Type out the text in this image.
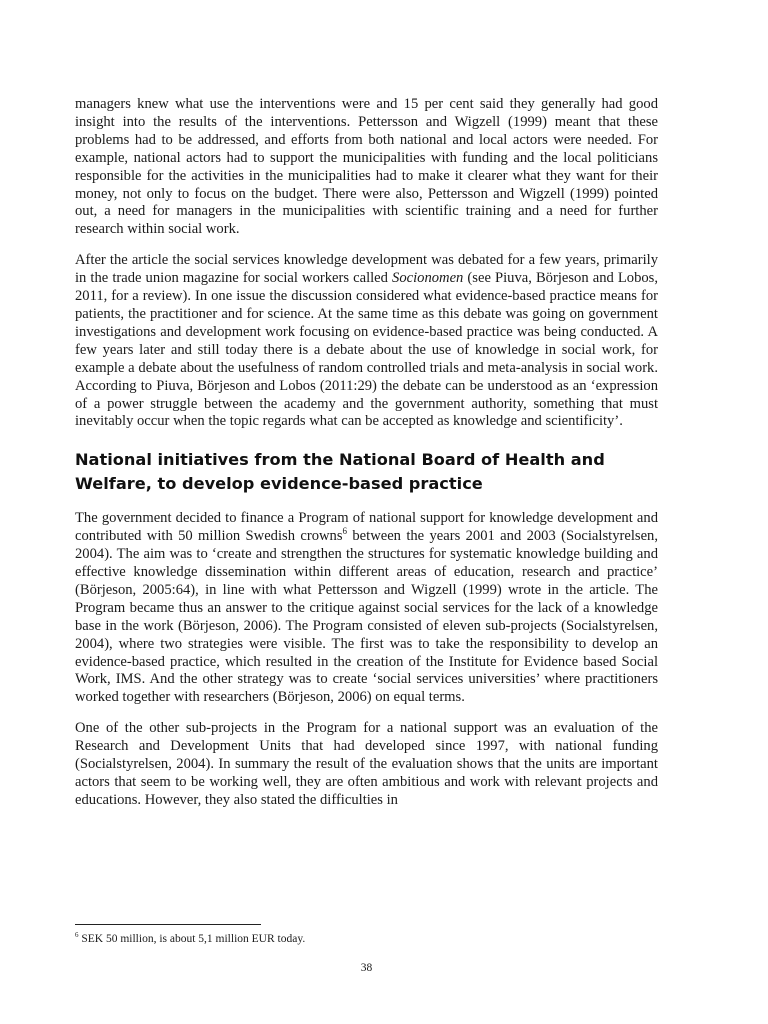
managers knew what use the interventions were and 15 per cent said they generally had good insight into the results of the interventions. Pettersson and Wigzell (1999) meant that these problems had to be addressed, and efforts from both national and local actors were needed. For example, national actors had to support the municipalities with funding and the local politicians responsible for the activities in the municipalities had to make it clearer what they want for their money, not only to focus on the budget. There were also, Pettersson and Wigzell (1999) pointed out, a need for managers in the municipalities with scientific training and a need for further research within social work.

After the article the social services knowledge development was debated for a few years, primarily in the trade union magazine for social workers called Socionomen (see Piuva, Börjeson and Lobos, 2011, for a review). In one issue the discussion considered what evidence-based practice means for patients, the practitioner and for science. At the same time as this debate was going on government investigations and development work focusing on evidence-based practice was being conducted. A few years later and still today there is a debate about the use of knowledge in social work, for example a debate about the usefulness of random controlled trials and meta-analysis in social work. According to Piuva, Börjeson and Lobos (2011:29) the debate can be understood as an ‘expression of a power struggle between the academy and the government authority, something that must inevitably occur when the topic regards what can be accepted as knowledge and scientificity’.

National initiatives from the National Board of Health and Welfare, to develop evidence-based practice

The government decided to finance a Program of national support for knowledge development and contributed with 50 million Swedish crowns$^6$ between the years 2001 and 2003 (Socialstyrelsen, 2004). The aim was to ‘create and strengthen the structures for systematic knowledge building and effective knowledge dissemination within different areas of education, research and practice’ (Börjeson, 2005:64), in line with what Pettersson and Wigzell (1999) wrote in the article. The Program became thus an answer to the critique against social services for the lack of a knowledge base in the work (Börjeson, 2006). The Program consisted of eleven sub-projects (Socialstyrelsen, 2004), where two strategies were visible. The first was to take the responsibility to develop an evidence-based practice, which resulted in the creation of the Institute for Evidence based Social Work, IMS. And the other strategy was to create ‘social services universities’ where practitioners worked together with researchers (Börjeson, 2006) on equal terms.

One of the other sub-projects in the Program for a national support was an evaluation of the Research and Development Units that had developed since 1997, with national funding (Socialstyrelsen, 2004). In summary the result of the evaluation shows that the units are important actors that seem to be working well, they are often ambitious and work with relevant projects and educations. However, they also stated the difficulties in

$^6$ SEK 50 million, is about 5,1 million EUR today.
38
